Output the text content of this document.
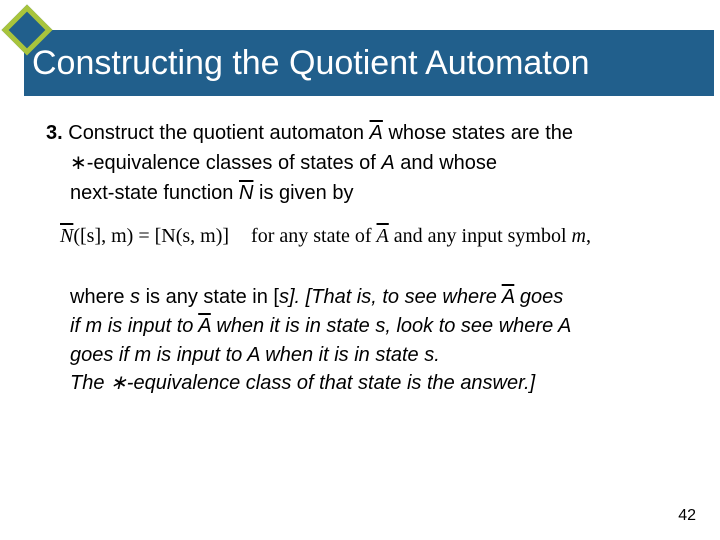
Constructing the Quotient Automaton
3. Construct the quotient automaton $\overline{A}$ whose states are the
∗-equivalence classes of states of A and whose
next-state function $\overline{N}$ is given by
$\overline{N}([s]$, m) = [N(s, m)] for any state of $\overline{A}$ and any input symbol m,
where s is any state in [s]. [That is, to see where $\overline{A}$ goes
if m is input to $\overline{A}$ when it is in state s, look to see where A
goes if m is input to A when it is in state s.
The ∗-equivalence class of that state is the answer.]
42
